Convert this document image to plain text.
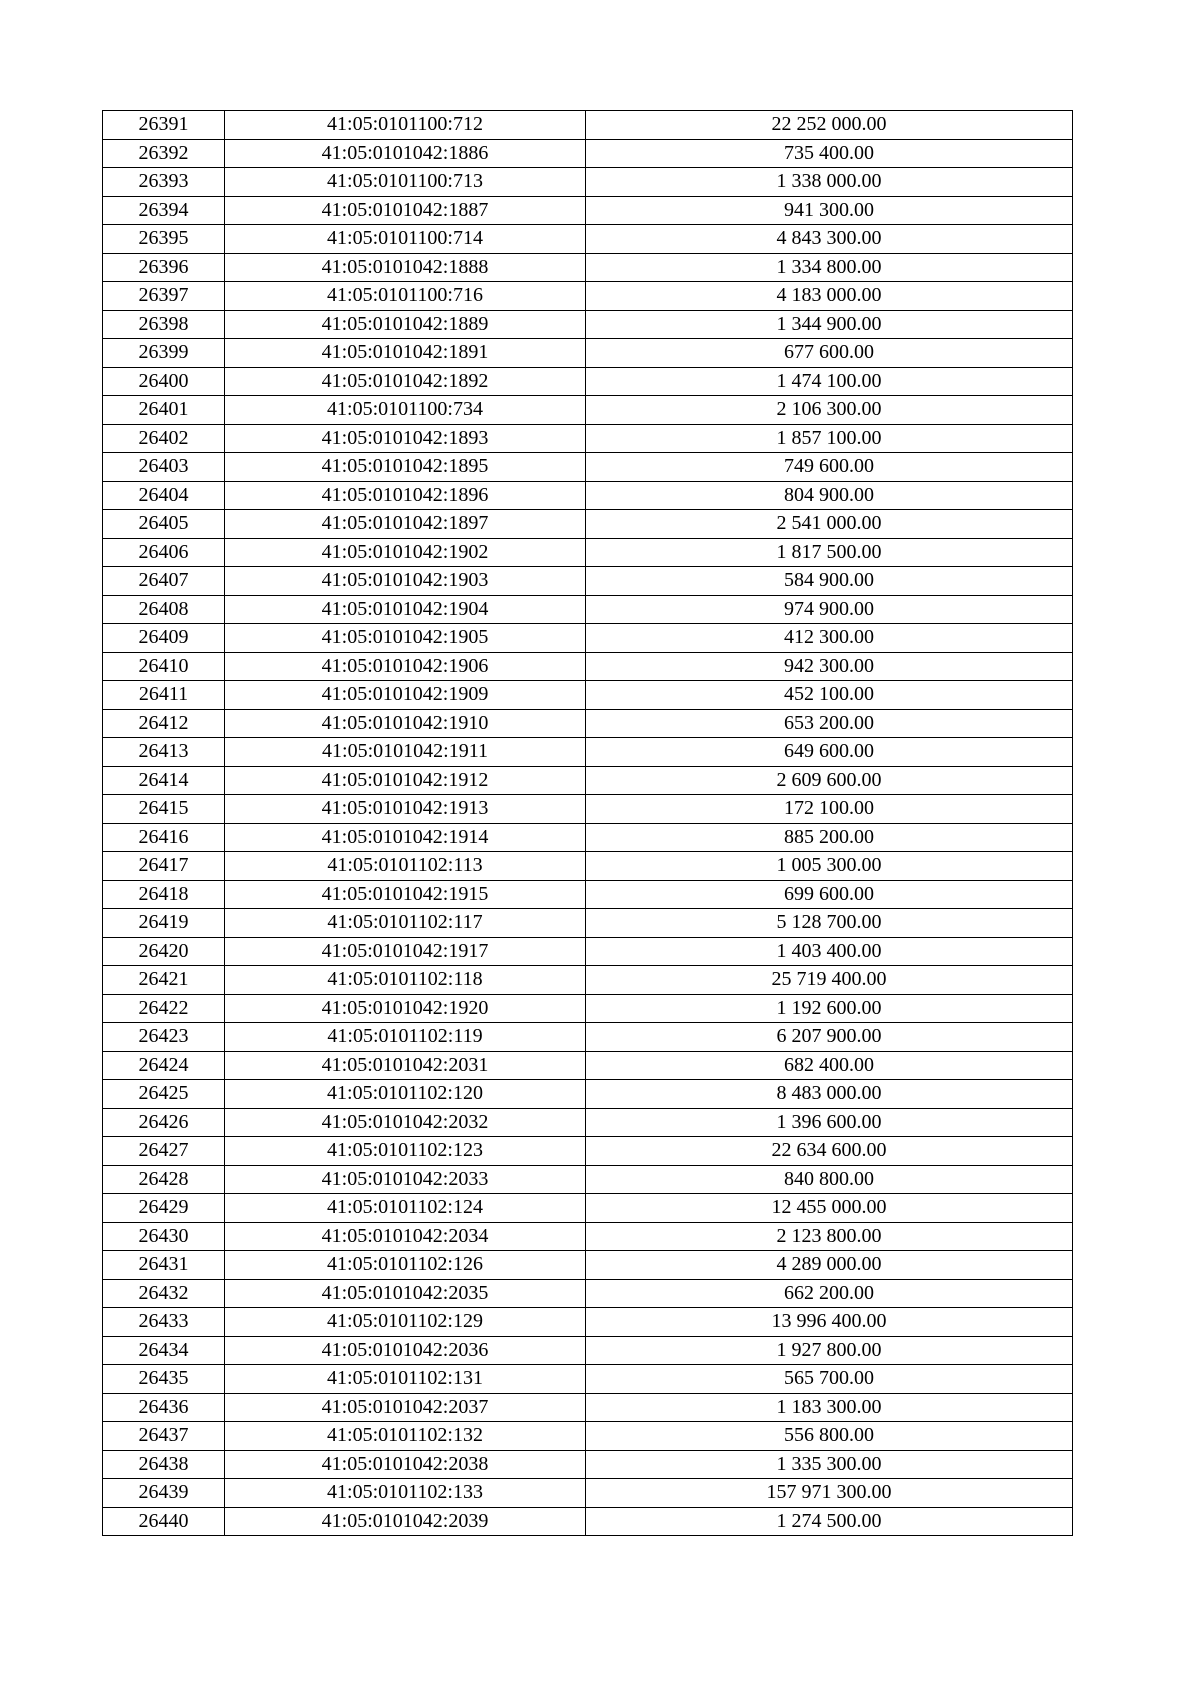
26391	41:05:0101100:712	22 252 000.00
26392	41:05:0101042:1886	735 400.00
26393	41:05:0101100:713	1 338 000.00
26394	41:05:0101042:1887	941 300.00
26395	41:05:0101100:714	4 843 300.00
26396	41:05:0101042:1888	1 334 800.00
26397	41:05:0101100:716	4 183 000.00
26398	41:05:0101042:1889	1 344 900.00
26399	41:05:0101042:1891	677 600.00
26400	41:05:0101042:1892	1 474 100.00
26401	41:05:0101100:734	2 106 300.00
26402	41:05:0101042:1893	1 857 100.00
26403	41:05:0101042:1895	749 600.00
26404	41:05:0101042:1896	804 900.00
26405	41:05:0101042:1897	2 541 000.00
26406	41:05:0101042:1902	1 817 500.00
26407	41:05:0101042:1903	584 900.00
26408	41:05:0101042:1904	974 900.00
26409	41:05:0101042:1905	412 300.00
26410	41:05:0101042:1906	942 300.00
26411	41:05:0101042:1909	452 100.00
26412	41:05:0101042:1910	653 200.00
26413	41:05:0101042:1911	649 600.00
26414	41:05:0101042:1912	2 609 600.00
26415	41:05:0101042:1913	172 100.00
26416	41:05:0101042:1914	885 200.00
26417	41:05:0101102:113	1 005 300.00
26418	41:05:0101042:1915	699 600.00
26419	41:05:0101102:117	5 128 700.00
26420	41:05:0101042:1917	1 403 400.00
26421	41:05:0101102:118	25 719 400.00
26422	41:05:0101042:1920	1 192 600.00
26423	41:05:0101102:119	6 207 900.00
26424	41:05:0101042:2031	682 400.00
26425	41:05:0101102:120	8 483 000.00
26426	41:05:0101042:2032	1 396 600.00
26427	41:05:0101102:123	22 634 600.00
26428	41:05:0101042:2033	840 800.00
26429	41:05:0101102:124	12 455 000.00
26430	41:05:0101042:2034	2 123 800.00
26431	41:05:0101102:126	4 289 000.00
26432	41:05:0101042:2035	662 200.00
26433	41:05:0101102:129	13 996 400.00
26434	41:05:0101042:2036	1 927 800.00
26435	41:05:0101102:131	565 700.00
26436	41:05:0101042:2037	1 183 300.00
26437	41:05:0101102:132	556 800.00
26438	41:05:0101042:2038	1 335 300.00
26439	41:05:0101102:133	157 971 300.00
26440	41:05:0101042:2039	1 274 500.00
